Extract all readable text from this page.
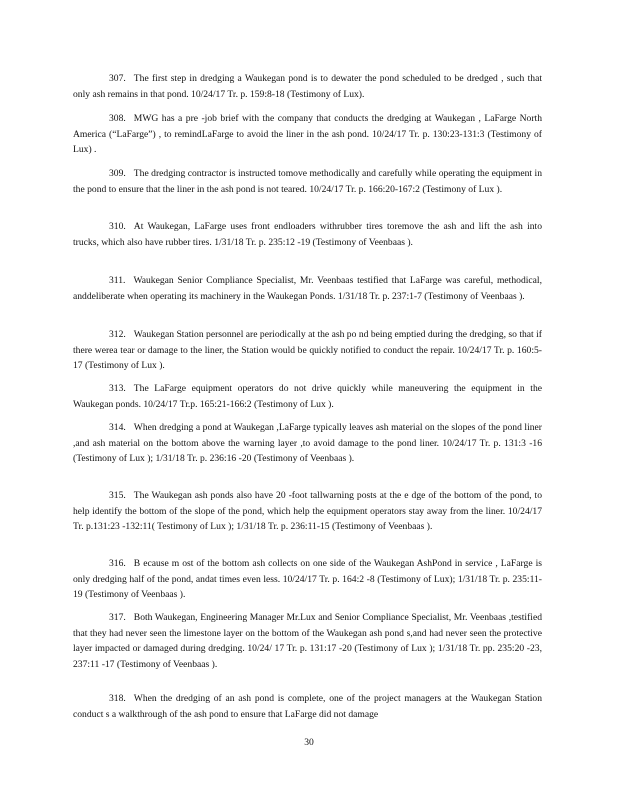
307. The first step in dredging a Waukegan pond is to dewater the pond scheduled to be dredged , such that only ash remains in that pond. 10/24/17 Tr. p. 159:8-18 (Testimony of Lux).

308. MWG has a pre -job brief with the company that conducts the dredging at Waukegan , LaFarge North America (“LaFarge”) , to remindLaFarge to avoid the liner in the ash pond. 10/24/17 Tr. p. 130:23-131:3 (Testimony of Lux) .

309. The dredging contractor is instructed tomove methodically and carefully while operating the equipment in the pond to ensure that the liner in the ash pond is not teared. 10/24/17 Tr. p. 166:20-167:2 (Testimony of Lux ).

310. At Waukegan, LaFarge uses front endloaders withrubber tires toremove the ash and lift the ash into trucks, which also have rubber tires. 1/31/18 Tr. p. 235:12 -19 (Testimony of Veenbaas ).

311. Waukegan Senior Compliance Specialist, Mr. Veenbaas testified that LaFarge was careful, methodical, anddeliberate when operating its machinery in the Waukegan Ponds. 1/31/18 Tr. p. 237:1-7 (Testimony of Veenbaas ).

312. Waukegan Station personnel are periodically at the ash po nd being emptied during the dredging, so that if there werea tear or damage to the liner, the Station would be quickly notified to conduct the repair. 10/24/17 Tr. p. 160:5-17 (Testimony of Lux ).

313. The LaFarge equipment operators do not drive quickly while maneuvering the equipment in the Waukegan ponds. 10/24/17 Tr.p. 165:21-166:2 (Testimony of Lux ).

314. When dredging a pond at Waukegan ,LaFarge typically leaves ash material on the slopes of the pond liner ,and ash material on the bottom above the warning layer ,to avoid damage to the pond liner. 10/24/17 Tr. p. 131:3 -16 (Testimony of Lux ); 1/31/18 Tr. p. 236:16 -20 (Testimony of Veenbaas ).

315. The Waukegan ash ponds also have 20 -foot tallwarning posts at the e dge of the bottom of the pond, to help identify the bottom of the slope of the pond, which help the equipment operators stay away from the liner. 10/24/17 Tr. p.131:23 -132:11( Testimony of Lux ); 1/31/18 Tr. p. 236:11-15 (Testimony of Veenbaas ).

316. B ecause m ost of the bottom ash collects on one side of the Waukegan AshPond in service , LaFarge is only dredging half of the pond, andat times even less. 10/24/17 Tr. p. 164:2 -8 (Testimony of Lux); 1/31/18 Tr. p. 235:11-19 (Testimony of Veenbaas ).

317. Both Waukegan, Engineering Manager Mr.Lux and Senior Compliance Specialist, Mr. Veenbaas ,testified that they had never seen the limestone layer on the bottom of the Waukegan ash pond s,and had never seen the protective layer impacted or damaged during dredging. 10/24/ 17 Tr. p. 131:17 -20 (Testimony of Lux ); 1/31/18 Tr. pp. 235:20 -23, 237:11 -17 (Testimony of Veenbaas ).

318. When the dredging of an ash pond is complete, one of the project managers at the Waukegan Station conduct s a walkthrough of the ash pond to ensure that LaFarge did not damage

30
